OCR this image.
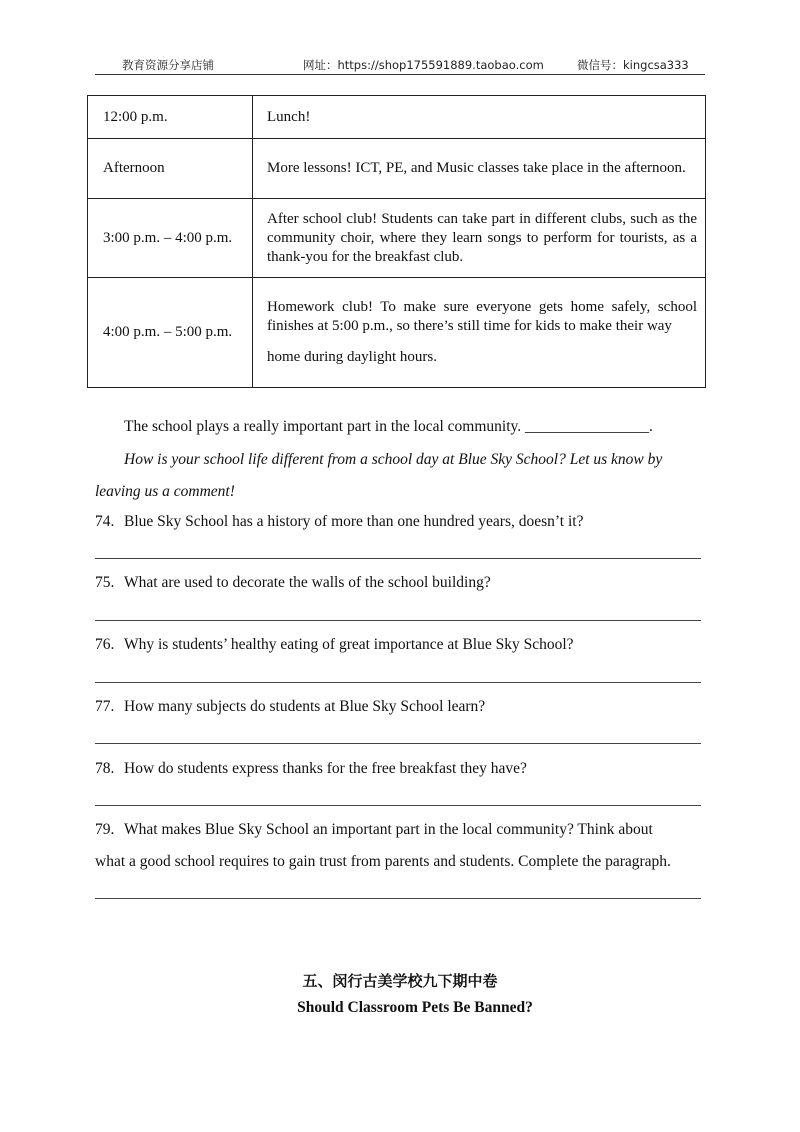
教育资源分享店铺	网址：https://shop175591889.taobao.com	微信号：kingcsa333
12:00 p.m.	Lunch!

Afternoon	More lessons! ICT, PE, and Music classes take place in the afternoon.

3:00 p.m. – 4:00 p.m.	After school club! Students can take part in different clubs, such as the community choir, where they learn songs to perform for tourists, as a thank-you for the breakfast club.

4:00 p.m. – 5:00 p.m.	Homework club! To make sure everyone gets home safely, school finishes at 5:00 p.m., so there’s still time for kids to make their way

home during daylight hours.

The school plays a really important part in the local community. ________________.
How is your school life different from a school day at Blue Sky School? Let us know by
leaving us a comment!
74. Blue Sky School has a history of more than one hundred years, doesn’t it?
75. What are used to decorate the walls of the school building?
76. Why is students’ healthy eating of great importance at Blue Sky School?
77. How many subjects do students at Blue Sky School learn?
78. How do students express thanks for the free breakfast they have?
79. What makes Blue Sky School an important part in the local community? Think about
what a good school requires to gain trust from parents and students. Complete the paragraph.
五、闵行古美学校九下期中卷
Should Classroom Pets Be Banned?
